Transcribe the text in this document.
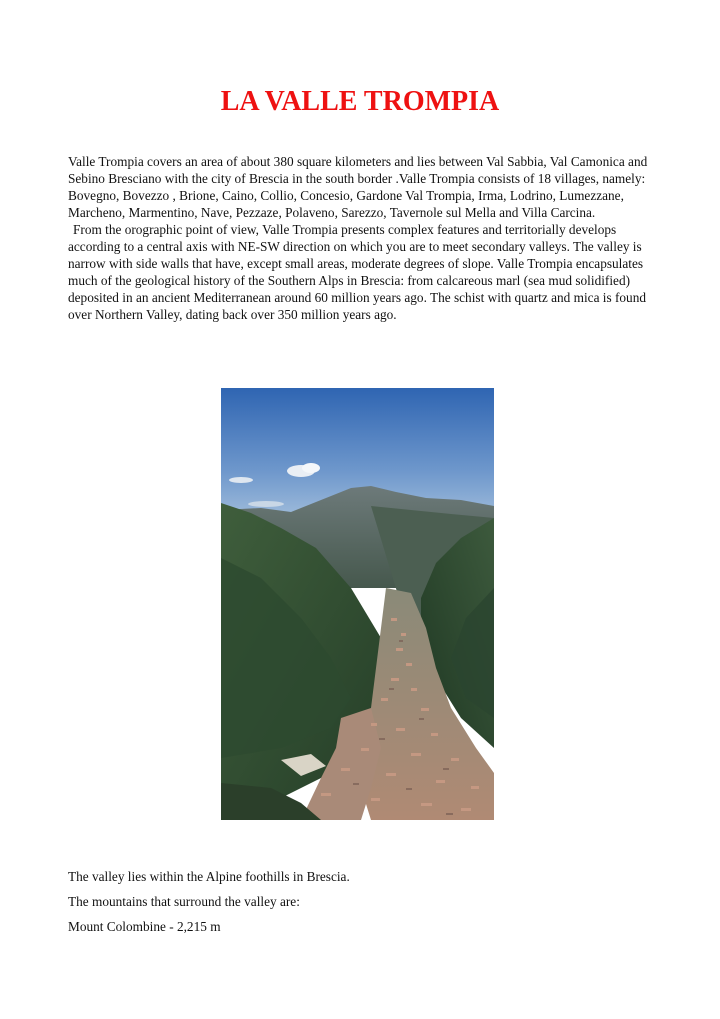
LA VALLE TROMPIA

Valle Trompia covers an area of about 380 square kilometers and lies between Val Sabbia, Val Camonica and Sebino Bresciano with the city of Brescia in the south border .Valle Trompia consists of 18 villages, namely: Bovegno, Bovezzo , Brione, Caino, Collio, Concesio, Gardone Val Trompia, Irma, Lodrino, Lumezzane, Marcheno, Marmentino, Nave, Pezzaze, Polaveno, Sarezzo, Tavernole sul Mella and Villa Carcina.

From the orographic point of view, Valle Trompia presents complex features and territorially develops according to a central axis with NE-SW direction on which you are to meet secondary valleys. The valley is narrow with side walls that have, except small areas, moderate degrees of slope. Valle Trompia encapsulates much of the geological history of the Southern Alps in Brescia: from calcareous marl (sea mud solidified) deposited in an ancient Mediterranean around 60 million years ago. The schist with quartz and mica is found over Northern Valley, dating back over 350 million years ago.

The valley lies within the Alpine foothills in Brescia.

The mountains that surround the valley are:

Mount Colombine - 2,215 m
